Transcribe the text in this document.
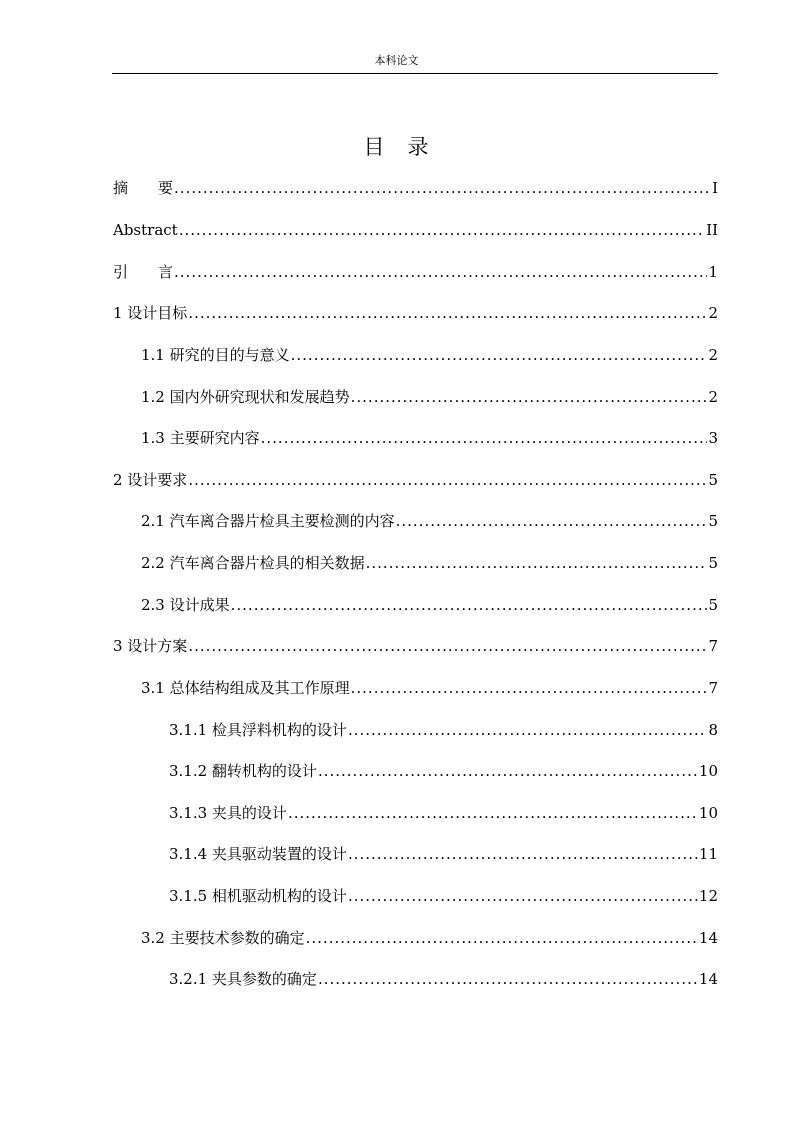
本科论文
目　录
摘　　要 .....	I
Abstract .....	II
引　　言 .....	1
1 设计目标 .....	2
1.1 研究的目的与意义 .....	2
1.2 国内外研究现状和发展趋势 .....	2
1.3 主要研究内容 .....	3
2 设计要求 .....	5
2.1 汽车离合器片检具主要检测的内容 .....	5
2.2 汽车离合器片检具的相关数据 .....	5
2.3 设计成果 .....	5
3 设计方案 .....	7
3.1 总体结构组成及其工作原理 .....	7
3.1.1 检具浮料机构的设计 .....	8
3.1.2 翻转机构的设计 .....	10
3.1.3 夹具的设计 .....	10
3.1.4 夹具驱动装置的设计 .....	11
3.1.5 相机驱动机构的设计 .....	12
3.2 主要技术参数的确定 .....	14
3.2.1 夹具参数的确定 .....	14
